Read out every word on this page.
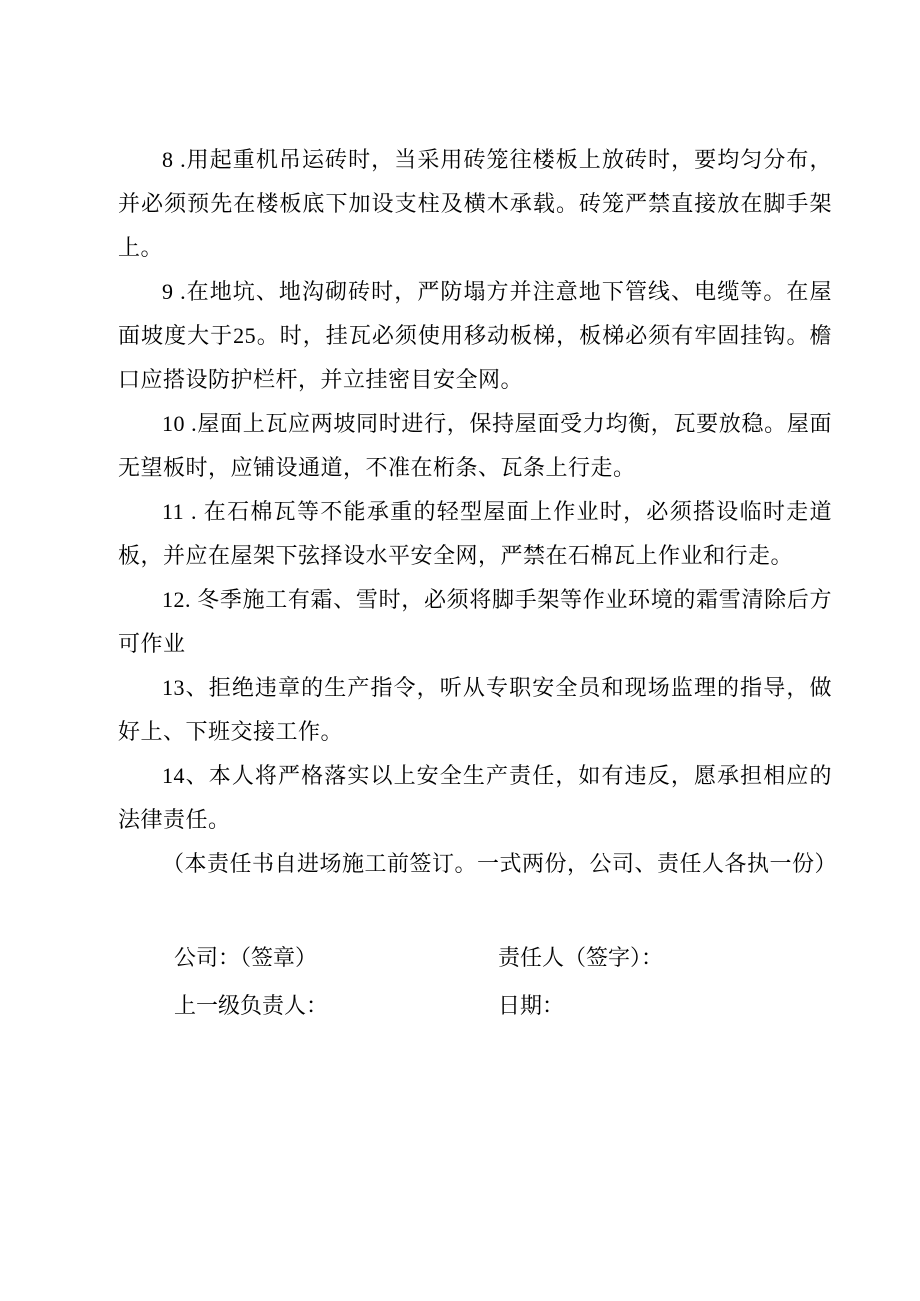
8 .用起重机吊运砖时，当采用砖笼往楼板上放砖时，要均匀分布，并必须预先在楼板底下加设支柱及横木承载。砖笼严禁直接放在脚手架上。

9 .在地坑、地沟砌砖时，严防塌方并注意地下管线、电缆等。在屋面坡度大于25。时，挂瓦必须使用移动板梯，板梯必须有牢固挂钩。檐口应搭设防护栏杆，并立挂密目安全网。

10 .屋面上瓦应两坡同时进行，保持屋面受力均衡，瓦要放稳。屋面无望板时，应铺设通道，不准在桁条、瓦条上行走。

11 . 在石棉瓦等不能承重的轻型屋面上作业时，必须搭设临时走道板，并应在屋架下弦择设水平安全网，严禁在石棉瓦上作业和行走。

12. 冬季施工有霜、雪时，必须将脚手架等作业环境的霜雪清除后方可作业

13、拒绝违章的生产指令，听从专职安全员和现场监理的指导，做好上、下班交接工作。

14、本人将严格落实以上安全生产责任，如有违反，愿承担相应的法律责任。

（本责任书自进场施工前签订。一式两份，公司、责任人各执一份）

公司：（签章）	责任人（签字）：
上一级负责人：	日期：
